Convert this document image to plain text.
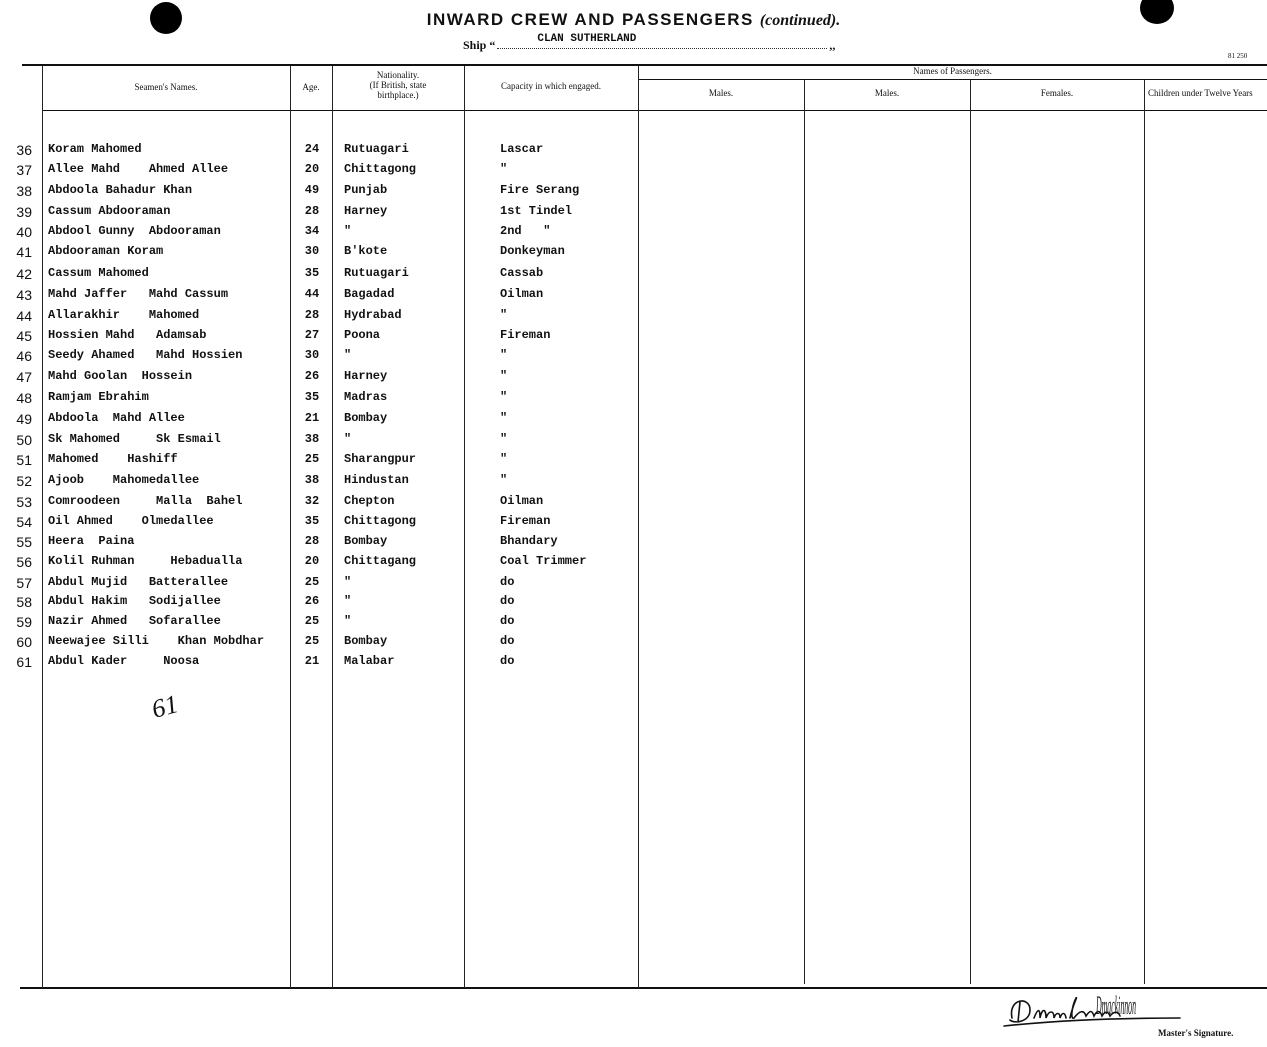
INWARD CREW AND PASSENGERS (continued).
Ship “	CLAN SUTHERLAND	,,
81 250
Seamen's Names.	Age.
Nationality.
(If British, state
birthplace.)
Capacity in which engaged.
Names of Passengers.
Males.	Males.	Females.	Children under Twelve Years
36 Koram Mahomed	24	Rutuagari	Lascar
37 Allee Mahd    Ahmed Allee	20	Chittagong	"
38 Abdoola Bahadur Khan	49	Punjab	Fire Serang
39 Cassum Abdooraman	28	Harney	1st Tindel
40 Abdool Gunny  Abdooraman	34	"	2nd   "
41 Abdooraman Koram	30	B'kote	Donkeyman
42 Cassum Mahomed	35	Rutuagari	Cassab
43 Mahd Jaffer   Mahd Cassum	44	Bagadad	Oilman
44 Allarakhir    Mahomed	28	Hydrabad	"
45 Hossien Mahd   Adamsab	27	Poona	Fireman
46 Seedy Ahamed   Mahd Hossien	30	"	"
47 Mahd Goolan  Hossein	26	Harney	"
48 Ramjam Ebrahim	35	Madras	"
49 Abdoola  Mahd Allee	21	Bombay	"
50 Sk Mahomed     Sk Esmail	38	"	"
51 Mahomed    Hashiff	25	Sharangpur	"
52 Ajoob    Mahomedallee	38	Hindustan	"
53 Comroodeen     Malla  Bahel	32	Chepton	Oilman
54 Oil Ahmed    Olmedallee	35	Chittagong	Fireman
55 Heera  Paina	28	Bombay	Bhandary
56 Kolil Ruhman     Hebadualla	20	Chittagang	Coal Trimmer
57 Abdul Mujid   Batterallee	25	"	do
58 Abdul Hakim   Sodijallee	26	"	do
59 Nazir Ahmed   Sofarallee	25	"	do
60 Neewajee Silli    Khan Mobdhar	25	Bombay	do
61 Abdul Kader     Noosa	21	Malabar	do
61
Dmackinnon
Master's Signature.
